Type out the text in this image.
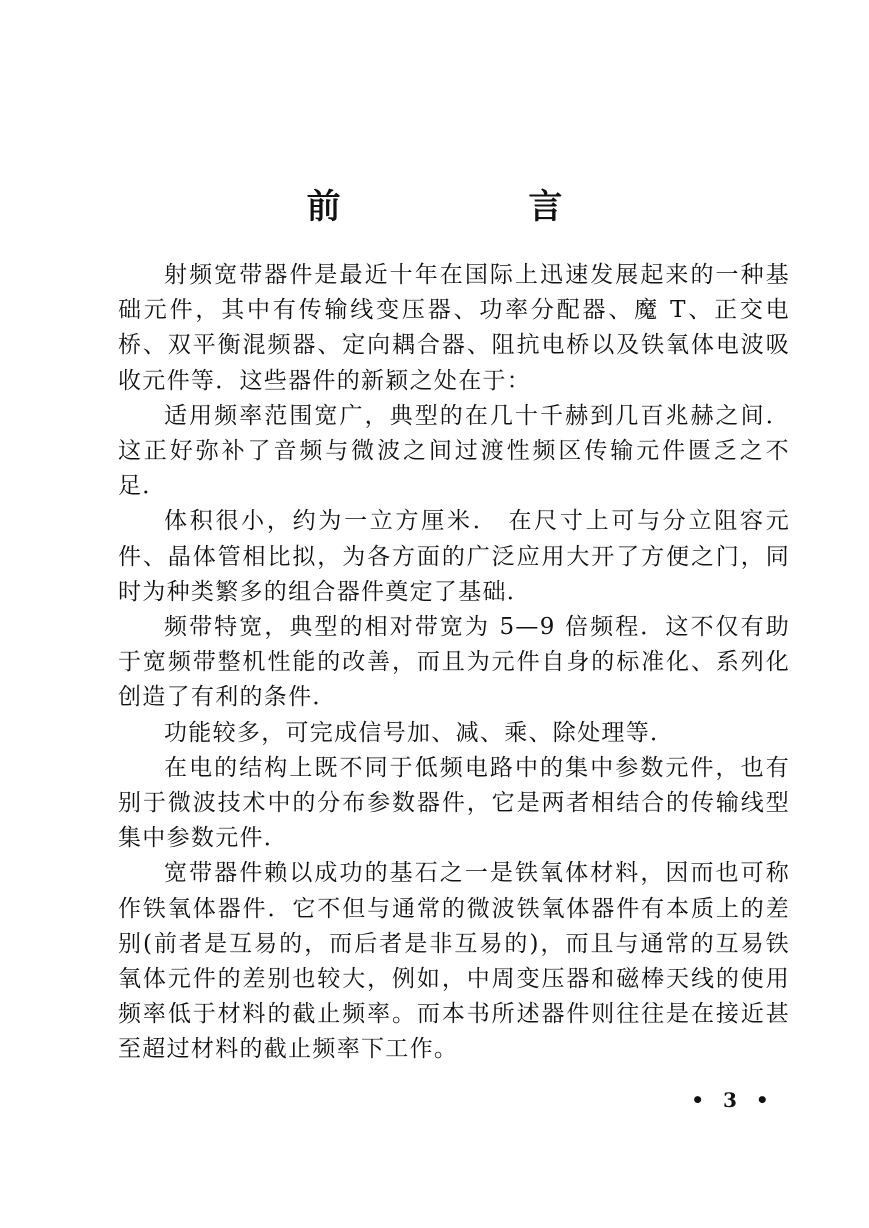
前 言

射频宽带器件是最近十年在国际上迅速发展起来的一种基础元件，其中有传输线变压器、功率分配器、魔 T、正交电桥、双平衡混频器、定向耦合器、阻抗电桥以及铁氧体电波吸收元件等．这些器件的新颖之处在于：

适用频率范围宽广，典型的在几十千赫到几百兆赫之间．这正好弥补了音频与微波之间过渡性频区传输元件匮乏之不足．

体积很小，约为一立方厘米． 在尺寸上可与分立阻容元件、晶体管相比拟，为各方面的广泛应用大开了方便之门，同时为种类繁多的组合器件奠定了基础．

频带特宽，典型的相对带宽为 5—9 倍频程．这不仅有助于宽频带整机性能的改善，而且为元件自身的标准化、系列化创造了有利的条件．

功能较多，可完成信号加、减、乘、除处理等．

在电的结构上既不同于低频电路中的集中参数元件，也有别于微波技术中的分布参数器件，它是两者相结合的传输线型集中参数元件．

宽带器件赖以成功的基石之一是铁氧体材料，因而也可称作铁氧体器件．它不但与通常的微波铁氧体器件有本质上的差别(前者是互易的，而后者是非互易的)，而且与通常的互易铁氧体元件的差别也较大，例如，中周变压器和磁棒天线的使用频率低于材料的截止频率。而本书所述器件则往往是在接近甚至超过材料的截止频率下工作。

• 3 •
